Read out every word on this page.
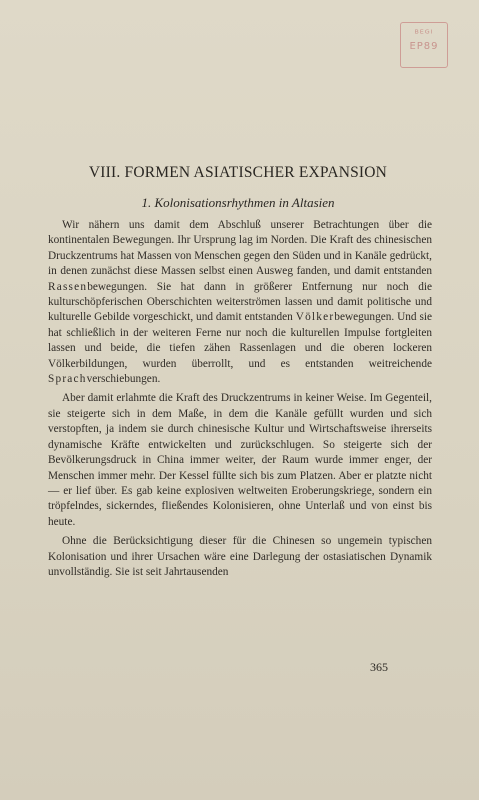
ᴮᴱᴳᴵ
EP89
VIII. FORMEN ASIATISCHER EXPANSION
1. Kolonisationsrhythmen in Altasien

Wir nähern uns damit dem Abschluß unserer Betrachtungen über die kontinentalen Bewegungen. Ihr Ursprung lag im Norden. Die Kraft des chinesischen Druckzentrums hat Massen von Menschen gegen den Süden und in Kanäle gedrückt, in denen zunächst diese Massen selbst einen Ausweg fanden, und damit entstanden Rassenbewegungen. Sie hat dann in größerer Entfernung nur noch die kulturschöpferischen Oberschichten weiterströmen lassen und damit politische und kulturelle Gebilde vorgeschickt, und damit entstanden Völkerbewegungen. Und sie hat schließlich in der weiteren Ferne nur noch die kulturellen Impulse fortgleiten lassen und beide, die tiefen zähen Rassenlagen und die oberen lockeren Völkerbildungen, wurden überrollt, und es entstanden weitreichende Sprachverschiebungen.

Aber damit erlahmte die Kraft des Druckzentrums in keiner Weise. Im Gegenteil, sie steigerte sich in dem Maße, in dem die Kanäle gefüllt wurden und sich verstopften, ja indem sie durch chinesische Kultur und Wirtschaftsweise ihrerseits dynamische Kräfte entwickelten und zurückschlugen. So steigerte sich der Bevölkerungsdruck in China immer weiter, der Raum wurde immer enger, der Menschen immer mehr. Der Kessel füllte sich bis zum Platzen. Aber er platzte nicht — er lief über. Es gab keine explosiven weltweiten Eroberungskriege, sondern ein tröpfelndes, sickerndes, fließendes Kolonisieren, ohne Unterlaß und von einst bis heute.

Ohne die Berücksichtigung dieser für die Chinesen so ungemein typischen Kolonisation und ihrer Ursachen wäre eine Darlegung der ostasiatischen Dynamik unvollständig. Sie ist seit Jahrtausenden

365
